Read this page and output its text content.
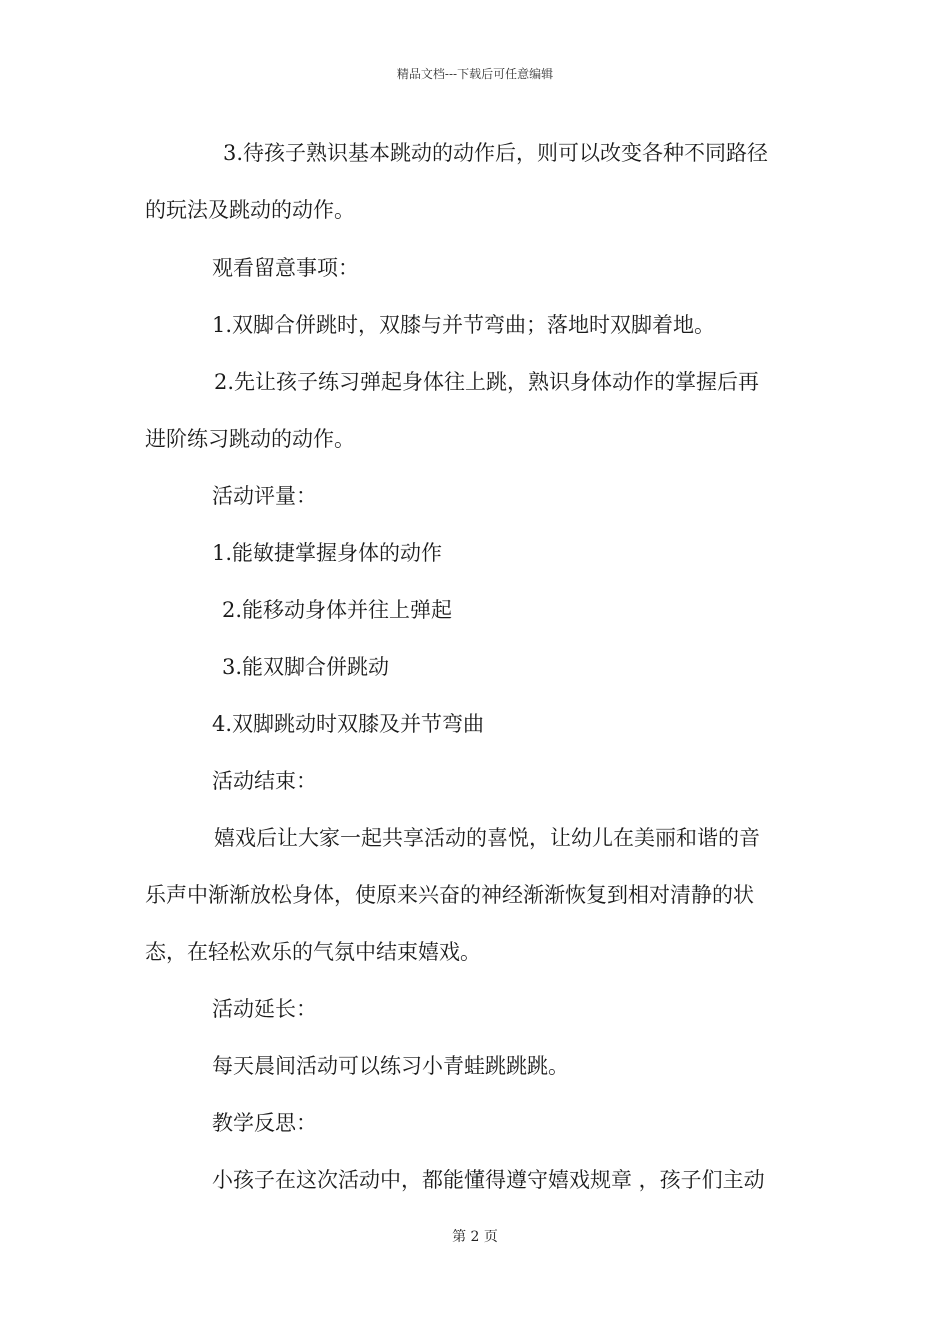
精品文档---下载后可任意编辑
3.待孩子熟识基本跳动的动作后，则可以改变各种不同路径
的玩法及跳动的动作。
观看留意事项：
1.双脚合併跳时，双膝与并节弯曲；落地时双脚着地。
2.先让孩子练习弹起身体往上跳，熟识身体动作的掌握后再
进阶练习跳动的动作。
活动评量：
1.能敏捷掌握身体的动作
2.能移动身体并往上弹起
3.能双脚合併跳动
4.双脚跳动时双膝及并节弯曲
活动结束：
嬉戏后让大家一起共享活动的喜悦，让幼儿在美丽和谐的音
乐声中渐渐放松身体，使原来兴奋的神经渐渐恢复到相对清静的状
态，在轻松欢乐的气氛中结束嬉戏。
活动延长：
每天晨间活动可以练习小青蛙跳跳跳。
教学反思：
小孩子在这次活动中，都能懂得遵守嬉戏规章 ，孩子们主动
第 2 页
